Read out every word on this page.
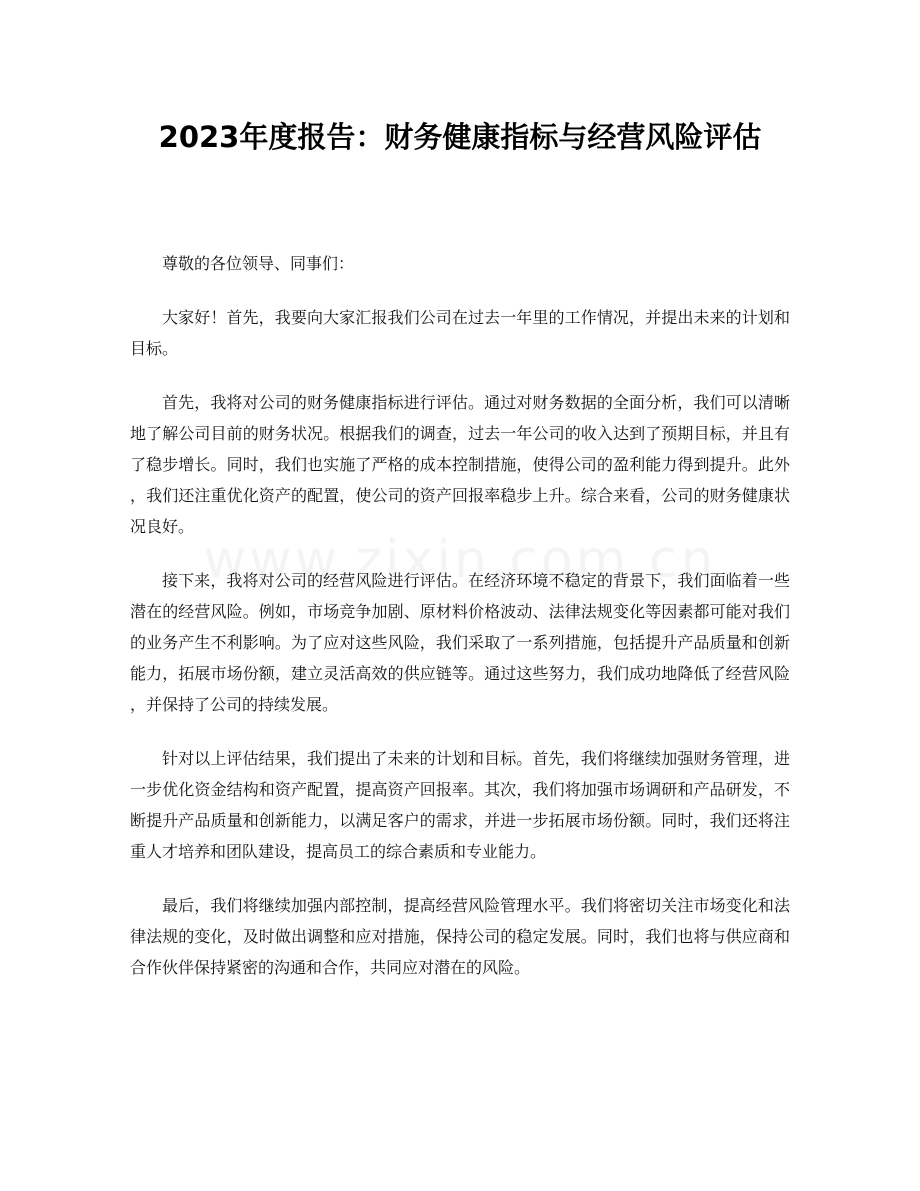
2023年度报告：财务健康指标与经营风险评估

尊敬的各位领导、同事们：

大家好！首先，我要向大家汇报我们公司在过去一年里的工作情况，并提出未来的计划和目标。

首先，我将对公司的财务健康指标进行评估。通过对财务数据的全面分析，我们可以清晰地了解公司目前的财务状况。根据我们的调查，过去一年公司的收入达到了预期目标，并且有了稳步增长。同时，我们也实施了严格的成本控制措施，使得公司的盈利能力得到提升。此外，我们还注重优化资产的配置，使公司的资产回报率稳步上升。综合来看，公司的财务健康状况良好。

接下来，我将对公司的经营风险进行评估。在经济环境不稳定的背景下，我们面临着一些潜在的经营风险。例如，市场竞争加剧、原材料价格波动、法律法规变化等因素都可能对我们的业务产生不利影响。为了应对这些风险，我们采取了一系列措施，包括提升产品质量和创新能力，拓展市场份额，建立灵活高效的供应链等。通过这些努力，我们成功地降低了经营风险，并保持了公司的持续发展。

针对以上评估结果，我们提出了未来的计划和目标。首先，我们将继续加强财务管理，进一步优化资金结构和资产配置，提高资产回报率。其次，我们将加强市场调研和产品研发，不断提升产品质量和创新能力，以满足客户的需求，并进一步拓展市场份额。同时，我们还将注重人才培养和团队建设，提高员工的综合素质和专业能力。

最后，我们将继续加强内部控制，提高经营风险管理水平。我们将密切关注市场变化和法律法规的变化，及时做出调整和应对措施，保持公司的稳定发展。同时，我们也将与供应商和合作伙伴保持紧密的沟通和合作，共同应对潜在的风险。
